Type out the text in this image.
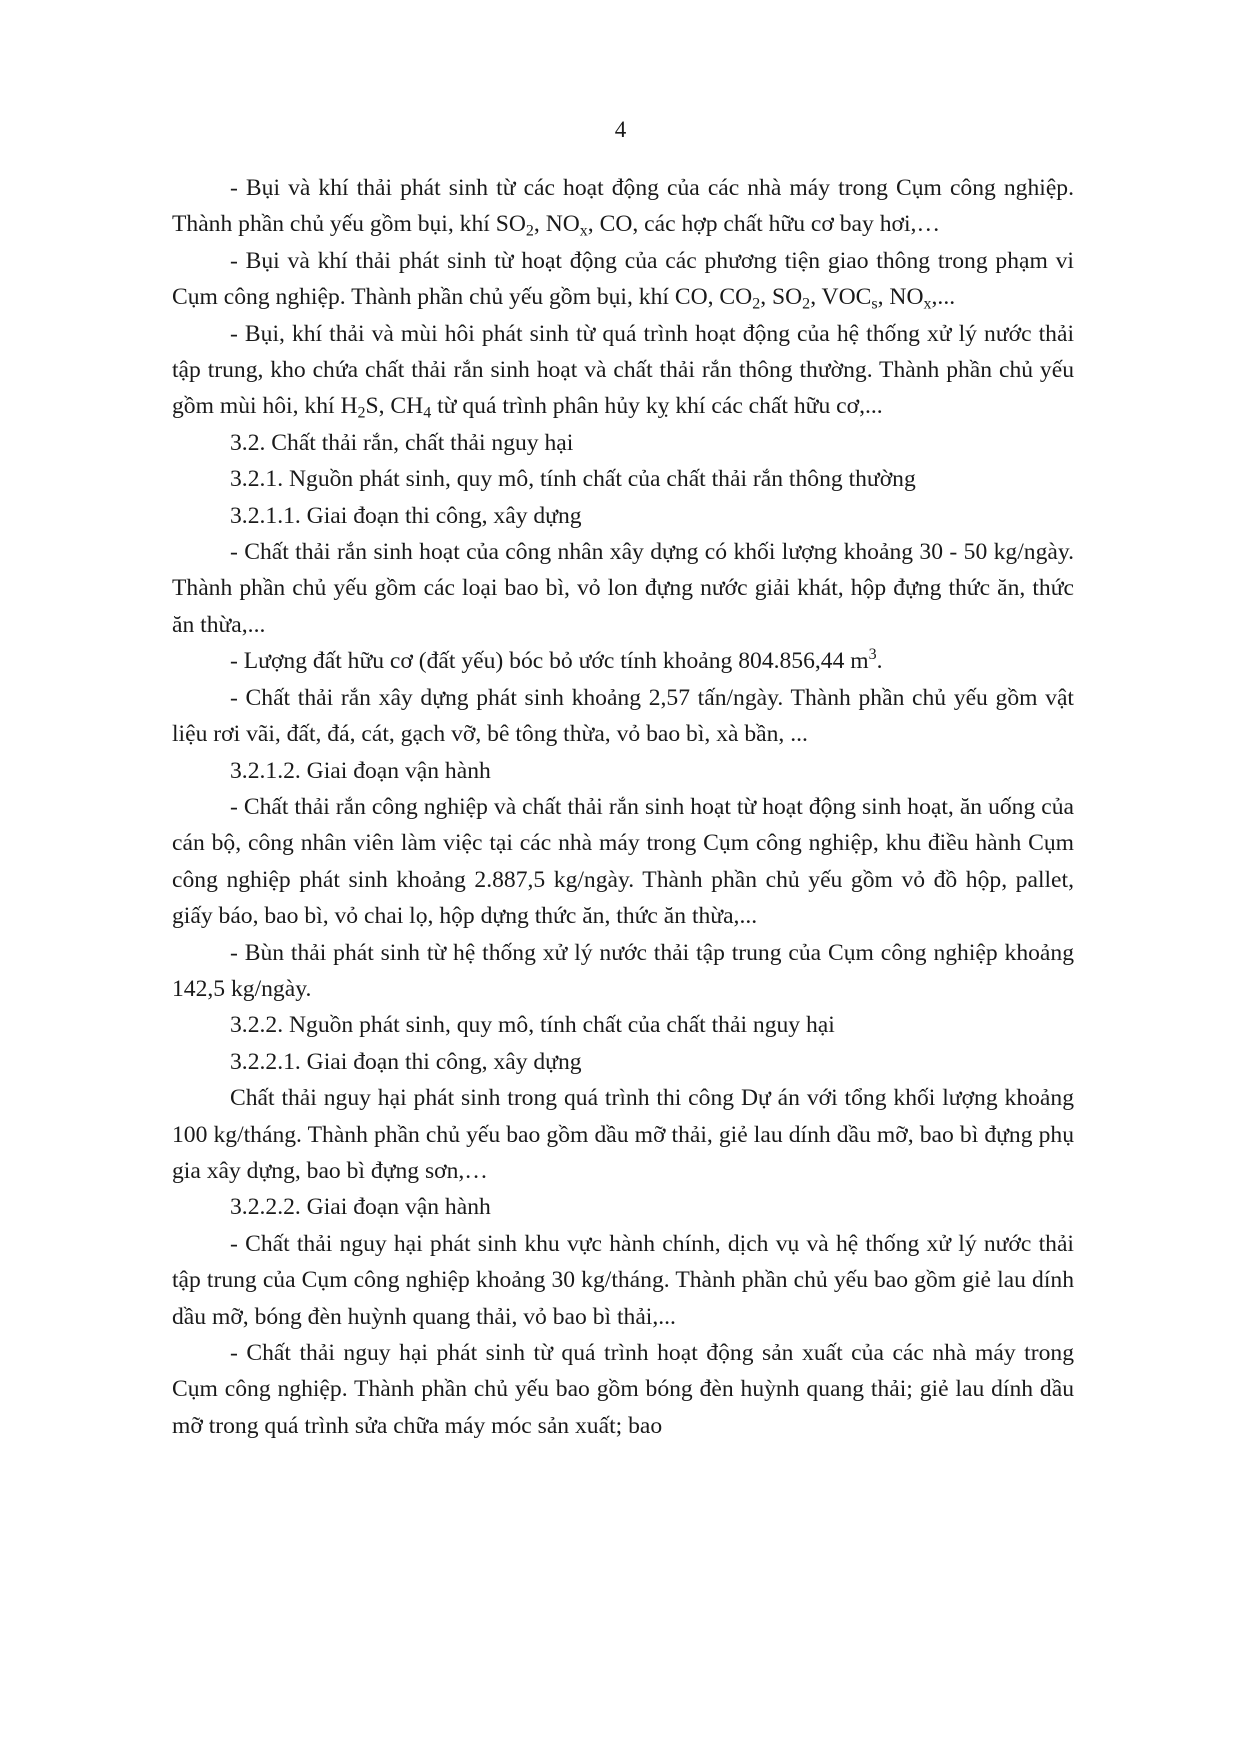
4

- Bụi và khí thải phát sinh từ các hoạt động của các nhà máy trong Cụm công nghiệp. Thành phần chủ yếu gồm bụi, khí $SO_2$, $NO_x$, CO, các hợp chất hữu cơ bay hơi,…

- Bụi và khí thải phát sinh từ hoạt động của các phương tiện giao thông trong phạm vi Cụm công nghiệp. Thành phần chủ yếu gồm bụi, khí CO, $CO_2$, $SO_2$, $VOC_s$, $NO_x$,...

- Bụi, khí thải và mùi hôi phát sinh từ quá trình hoạt động của hệ thống xử lý nước thải tập trung, kho chứa chất thải rắn sinh hoạt và chất thải rắn thông thường. Thành phần chủ yếu gồm mùi hôi, khí $H_2S$, $CH_4$ từ quá trình phân hủy kỵ khí các chất hữu cơ,...

3.2. Chất thải rắn, chất thải nguy hại

3.2.1. Nguồn phát sinh, quy mô, tính chất của chất thải rắn thông thường

3.2.1.1. Giai đoạn thi công, xây dựng

- Chất thải rắn sinh hoạt của công nhân xây dựng có khối lượng khoảng 30 - 50 kg/ngày. Thành phần chủ yếu gồm các loại bao bì, vỏ lon đựng nước giải khát, hộp đựng thức ăn, thức ăn thừa,...

- Lượng đất hữu cơ (đất yếu) bóc bỏ ước tính khoảng 804.856,44 $m^3$.

- Chất thải rắn xây dựng phát sinh khoảng 2,57 tấn/ngày. Thành phần chủ yếu gồm vật liệu rơi vãi, đất, đá, cát, gạch vỡ, bê tông thừa, vỏ bao bì, xà bần, ...

3.2.1.2. Giai đoạn vận hành

- Chất thải rắn công nghiệp và chất thải rắn sinh hoạt từ hoạt động sinh hoạt, ăn uống của cán bộ, công nhân viên làm việc tại các nhà máy trong Cụm công nghiệp, khu điều hành Cụm công nghiệp phát sinh khoảng 2.887,5 kg/ngày. Thành phần chủ yếu gồm vỏ đồ hộp, pallet, giấy báo, bao bì, vỏ chai lọ, hộp dựng thức ăn, thức ăn thừa,...

- Bùn thải phát sinh từ hệ thống xử lý nước thải tập trung của Cụm công nghiệp khoảng 142,5 kg/ngày.

3.2.2. Nguồn phát sinh, quy mô, tính chất của chất thải nguy hại

3.2.2.1. Giai đoạn thi công, xây dựng

Chất thải nguy hại phát sinh trong quá trình thi công Dự án với tổng khối lượng khoảng 100 kg/tháng. Thành phần chủ yếu bao gồm dầu mỡ thải, giẻ lau dính dầu mỡ, bao bì đựng phụ gia xây dựng, bao bì đựng sơn,…

3.2.2.2. Giai đoạn vận hành

- Chất thải nguy hại phát sinh khu vực hành chính, dịch vụ và hệ thống xử lý nước thải tập trung của Cụm công nghiệp khoảng 30 kg/tháng. Thành phần chủ yếu bao gồm giẻ lau dính dầu mỡ, bóng đèn huỳnh quang thải, vỏ bao bì thải,...

- Chất thải nguy hại phát sinh từ quá trình hoạt động sản xuất của các nhà máy trong Cụm công nghiệp. Thành phần chủ yếu bao gồm bóng đèn huỳnh quang thải; giẻ lau dính dầu mỡ trong quá trình sửa chữa máy móc sản xuất; bao
